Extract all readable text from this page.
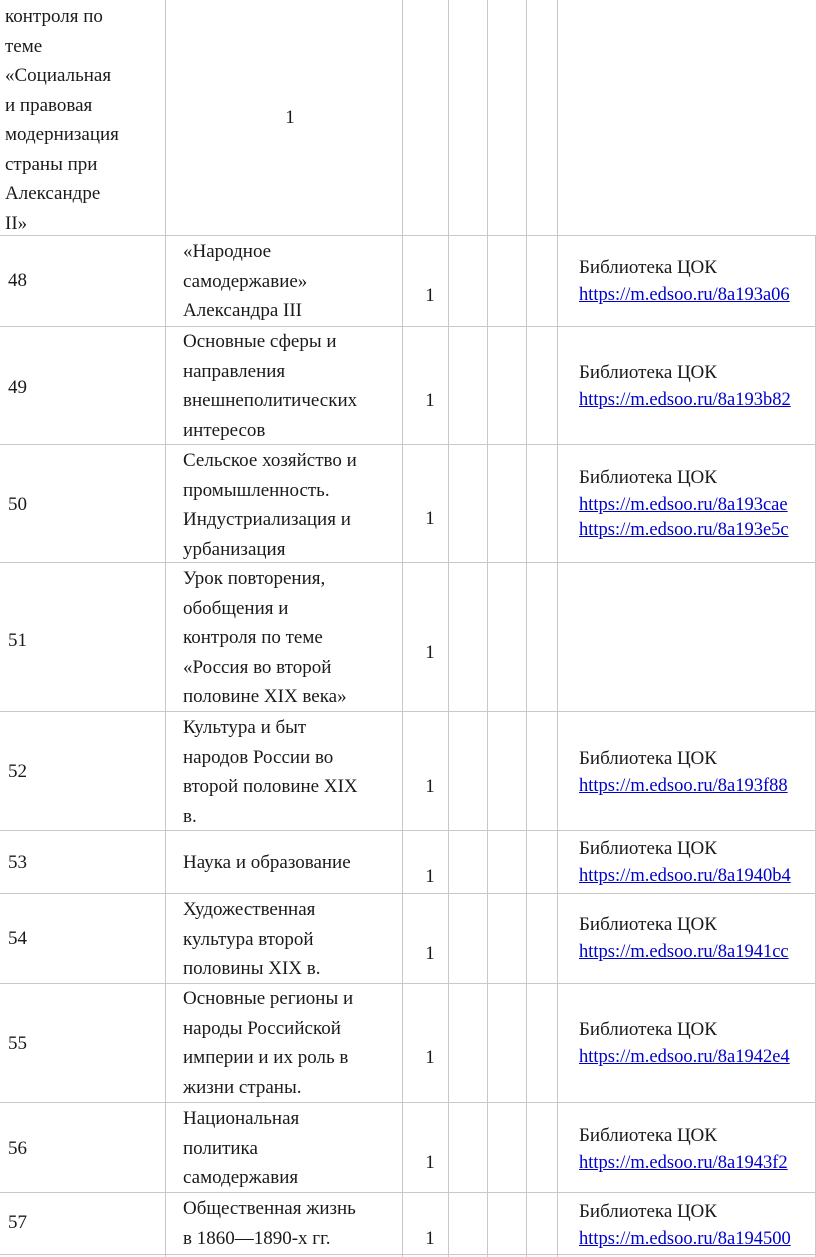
контроля по
теме
«Социальная
и правовая
модернизация
страны при
Александре
II»
1
48
«Народное
самодержавие»
Александра III
1
Библиотека ЦОК
https://m.edsoo.ru/8a193a06
49
Основные сферы и
направления
внешнеполитических
интересов
1
Библиотека ЦОК
https://m.edsoo.ru/8a193b82
50
Сельское хозяйство и
промышленность.
Индустриализация и
урбанизация
1
Библиотека ЦОК
https://m.edsoo.ru/8a193cae
https://m.edsoo.ru/8a193e5c
51
Урок повторения,
обобщения и
контроля по теме
«Россия во второй
половине XIX века»
1
52
Культура и быт
народов России во
второй половине XIX
в.
1
Библиотека ЦОК
https://m.edsoo.ru/8a193f88
53	Наука и образование
1
Библиотека ЦОК
https://m.edsoo.ru/8a1940b4
54
Художественная
культура второй
половины XIX в.
1
Библиотека ЦОК
https://m.edsoo.ru/8a1941cc
55
Основные регионы и
народы Российской
империи и их роль в
жизни страны.
1
Библиотека ЦОК
https://m.edsoo.ru/8a1942e4
56
Национальная
политика
самодержавия
1
Библиотека ЦОК
https://m.edsoo.ru/8a1943f2
57
Общественная жизнь
в 1860—1890-х гг.	1
Библиотека ЦОК
https://m.edsoo.ru/8a194500
